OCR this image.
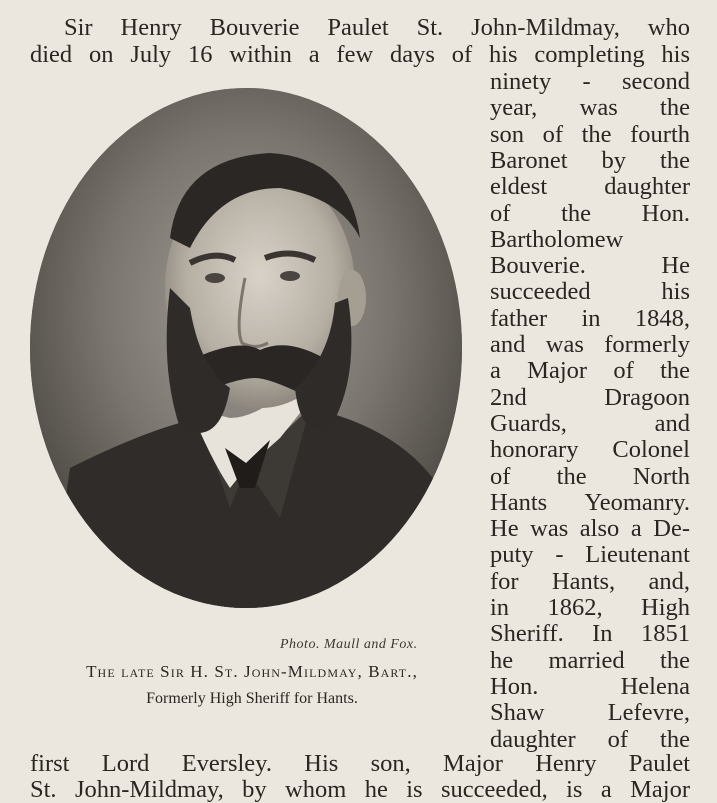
Sir Henry Bouverie Paulet St. John-Mildmay, who
died on July 16 within a few days of his completing his
ninety - second
year, was the
son of the fourth
Baronet by the
eldest daughter
of the Hon.
Bartholomew
Bouverie. He
succeeded his
father in 1848,
and was formerly
a Major of the
2nd Dragoon
Guards, and
honorary Colonel
of the North
Hants Yeomanry.
He was also a De-
puty - Lieutenant
for Hants, and,
in 1862, High
Sheriff. In 1851
he married the
Hon. Helena
Shaw Lefevre,
daughter of the
first Lord Eversley. His son, Major Henry Paulet
St. John-Mildmay, by whom he is succeeded, is a Major
Photo. Maull and Fox.
The late Sir H. St. John-Mildmay, Bart.,
Formerly High Sheriff for Hants.
